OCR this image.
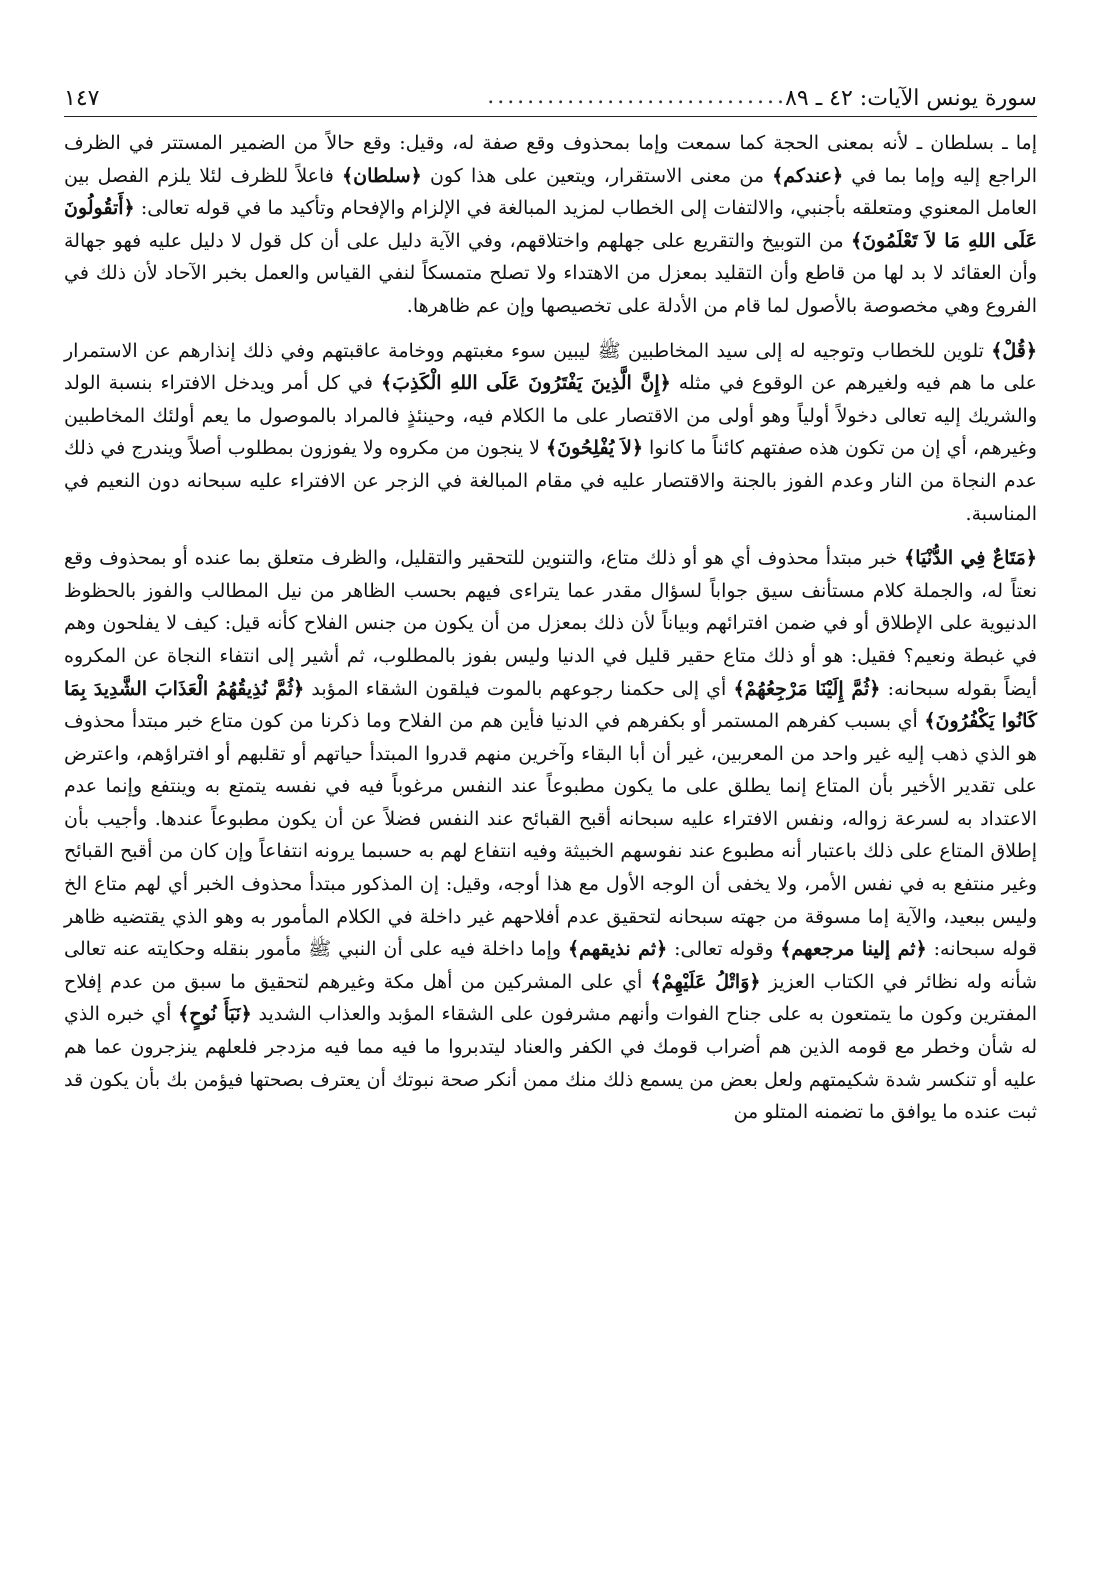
سورة يونس الآيات: ٤٢ ـ ٨٩
..............................
١٤٧

إما ـ بسلطان ـ لأنه بمعنى الحجة كما سمعت وإما بمحذوف وقع صفة له، وقيل: وقع حالاً من الضمير المستتر في الظرف الراجع إليه وإما بما في ﴿عندكم﴾ من معنى الاستقرار، ويتعين على هذا كون ﴿سلطان﴾ فاعلاً للظرف لئلا يلزم الفصل بين العامل المعنوي ومتعلقه بأجنبي، والالتفات إلى الخطاب لمزيد المبالغة في الإلزام والإفحام وتأكيد ما في قوله تعالى: ﴿أَتقُولُونَ عَلَى اللهِ مَا لاَ تَعْلَمُونَ﴾ من التوبيخ والتقريع على جهلهم واختلاقهم، وفي الآية دليل على أن كل قول لا دليل عليه فهو جهالة وأن العقائد لا بد لها من قاطع وأن التقليد بمعزل من الاهتداء ولا تصلح متمسكاً لنفي القياس والعمل بخبر الآحاد لأن ذلك في الفروع وهي مخصوصة بالأصول لما قام من الأدلة على تخصيصها وإن عم ظاهرها.

﴿قُلْ﴾ تلوين للخطاب وتوجيه له إلى سيد المخاطبين ﷺ ليبين سوء مغبتهم ووخامة عاقبتهم وفي ذلك إنذارهم عن الاستمرار على ما هم فيه ولغيرهم عن الوقوع في مثله ﴿إِنَّ الَّذِينَ يَفْتَرُونَ عَلَى اللهِ الْكَذِبَ﴾ في كل أمر ويدخل الافتراء بنسبة الولد والشريك إليه تعالى دخولاً أولياً وهو أولى من الاقتصار على ما الكلام فيه، وحينئذٍ فالمراد بالموصول ما يعم أولئك المخاطبين وغيرهم، أي إن من تكون هذه صفتهم كائناً ما كانوا ﴿لاَ يُفْلِحُونَ﴾ لا ينجون من مكروه ولا يفوزون بمطلوب أصلاً ويندرج في ذلك عدم النجاة من النار وعدم الفوز بالجنة والاقتصار عليه في مقام المبالغة في الزجر عن الافتراء عليه سبحانه دون النعيم في المناسبة.

﴿مَتَاعٌ فِي الدُّنْيَا﴾ خبر مبتدأ محذوف أي هو أو ذلك متاع، والتنوين للتحقير والتقليل، والظرف متعلق بما عنده أو بمحذوف وقع نعتاً له، والجملة كلام مستأنف سيق جواباً لسؤال مقدر عما يتراءى فيهم بحسب الظاهر من نيل المطالب والفوز بالحظوظ الدنيوية على الإطلاق أو في ضمن افترائهم وبياناً لأن ذلك بمعزل من أن يكون من جنس الفلاح كأنه قيل: كيف لا يفلحون وهم في غبطة ونعيم؟ فقيل: هو أو ذلك متاع حقير قليل في الدنيا وليس بفوز بالمطلوب، ثم أشير إلى انتفاء النجاة عن المكروه أيضاً بقوله سبحانه: ﴿ثُمَّ إِلَيْنَا مَرْجِعُهُمْ﴾ أي إلى حكمنا رجوعهم بالموت فيلقون الشقاء المؤبد ﴿ثُمَّ نُذِيقُهُمُ الْعَذَابَ الشَّدِيدَ بِمَا كَانُوا يَكْفُرُونَ﴾ أي بسبب كفرهم المستمر أو بكفرهم في الدنيا فأين هم من الفلاح وما ذكرنا من كون متاع خبر مبتدأ محذوف هو الذي ذهب إليه غير واحد من المعربين، غير أن أبا البقاء وآخرين منهم قدروا المبتدأ حياتهم أو تقلبهم أو افتراؤهم، واعترض على تقدير الأخير بأن المتاع إنما يطلق على ما يكون مطبوعاً عند النفس مرغوباً فيه في نفسه يتمتع به وينتفع وإنما عدم الاعتداد به لسرعة زواله، ونفس الافتراء عليه سبحانه أقبح القبائح عند النفس فضلاً عن أن يكون مطبوعاً عندها. وأجيب بأن إطلاق المتاع على ذلك باعتبار أنه مطبوع عند نفوسهم الخبيثة وفيه انتفاع لهم به حسبما يرونه انتفاعاً وإن كان من أقبح القبائح وغير منتفع به في نفس الأمر، ولا يخفى أن الوجه الأول مع هذا أوجه، وقيل: إن المذكور مبتدأ محذوف الخبر أي لهم متاع الخ وليس ببعيد، والآية إما مسوقة من جهته سبحانه لتحقيق عدم أفلاحهم غير داخلة في الكلام المأمور به وهو الذي يقتضيه ظاهر قوله سبحانه: ﴿ثم إلينا مرجعهم﴾ وقوله تعالى: ﴿ثم نذيقهم﴾ وإما داخلة فيه على أن النبي ﷺ مأمور بنقله وحكايته عنه تعالى شأنه وله نظائر في الكتاب العزيز ﴿وَاتْلُ عَلَيْهِمْ﴾ أي على المشركين من أهل مكة وغيرهم لتحقيق ما سبق من عدم إفلاح المفترين وكون ما يتمتعون به على جناح الفوات وأنهم مشرفون على الشقاء المؤبد والعذاب الشديد ﴿نَبَأَ نُوحٍ﴾ أي خبره الذي له شأن وخطر مع قومه الذين هم أضراب قومك في الكفر والعناد ليتدبروا ما فيه مما فيه مزدجر فلعلهم ينزجرون عما هم عليه أو تنكسر شدة شكيمتهم ولعل بعض من يسمع ذلك منك ممن أنكر صحة نبوتك أن يعترف بصحتها فيؤمن بك بأن يكون قد ثبت عنده ما يوافق ما تضمنه المتلو من
